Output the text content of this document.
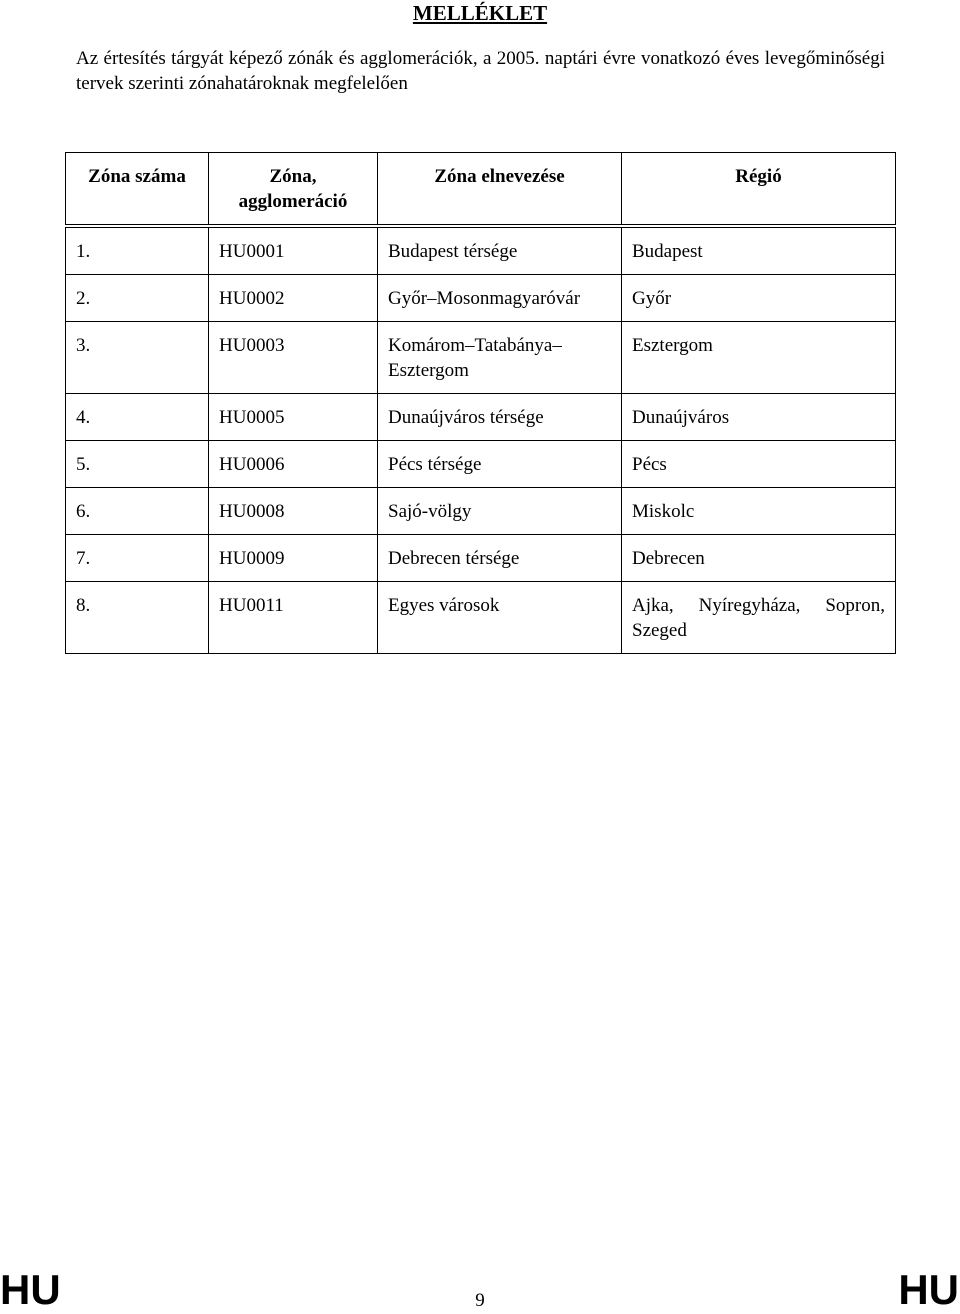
MELLÉKLET

Az értesítés tárgyát képező zónák és agglomerációk, a 2005. naptári évre vonatkozó éves levegőminőségi tervek szerinti zónahatároknak megfelelően

Zóna száma	Zóna, agglomeráció	Zóna elnevezése	Régió
1.	HU0001	Budapest térsége	Budapest
2.	HU0002	Győr–Mosonmagyaróvár	Győr
3.	HU0003	Komárom–Tatabánya–Esztergom	Esztergom
4.	HU0005	Dunaújváros térsége	Dunaújváros
5.	HU0006	Pécs térsége	Pécs
6.	HU0008	Sajó-völgy	Miskolc
7.	HU0009	Debrecen térsége	Debrecen
8.	HU0011	Egyes városok	Ajka, Nyíregyháza, Sopron, Szeged
HU	9	HU
